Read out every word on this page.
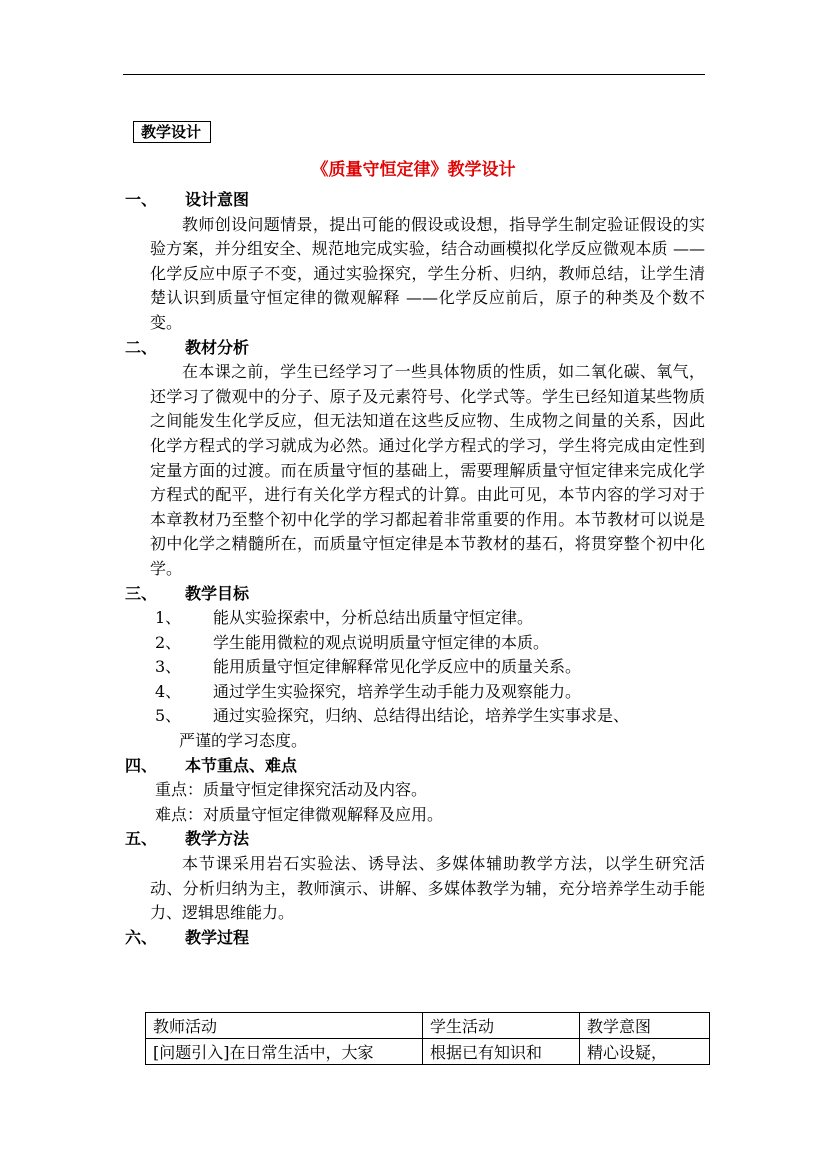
教学设计
《质量守恒定律》教学设计
一、	设计意图
教师创设问题情景，提出可能的假设或设想，指导学生制定验证假设的实验方案，并分组安全、规范地完成实验，结合动画模拟化学反应微观本质 ——化学反应中原子不变，通过实验探究，学生分析、归纳，教师总结，让学生清楚认识到质量守恒定律的微观解释 ——化学反应前后，原子的种类及个数不变。
二、	教材分析
在本课之前，学生已经学习了一些具体物质的性质，如二氧化碳、氧气，还学习了微观中的分子、原子及元素符号、化学式等。学生已经知道某些物质之间能发生化学反应，但无法知道在这些反应物、生成物之间量的关系，因此化学方程式的学习就成为必然。通过化学方程式的学习，学生将完成由定性到定量方面的过渡。而在质量守恒的基础上，需要理解质量守恒定律来完成化学方程式的配平，进行有关化学方程式的计算。由此可见，本节内容的学习对于本章教材乃至整个初中化学的学习都起着非常重要的作用。本节教材可以说是初中化学之精髓所在，而质量守恒定律是本节教材的基石，将贯穿整个初中化学。
三、	教学目标
1、	能从实验探索中，分析总结出质量守恒定律。
2、	学生能用微粒的观点说明质量守恒定律的本质。
3、	能用质量守恒定律解释常见化学反应中的质量关系。
4、	通过学生实验探究，培养学生动手能力及观察能力。
5、	通过实验探究，归纳、总结得出结论，培养学生实事求是、
严谨的学习态度。
四、	本节重点、难点
重点：质量守恒定律探究活动及内容。
难点：对质量守恒定律微观解释及应用。
五、	教学方法
本节课采用岩石实验法、诱导法、多媒体辅助教学方法，以学生研究活动、分析归纳为主，教师演示、讲解、多媒体教学为辅，充分培养学生动手能力、逻辑思维能力。
六、	教学过程
教师活动	学生活动	教学意图
[问题引入]在日常生活中，大家	根据已有知识和	精心设疑，
